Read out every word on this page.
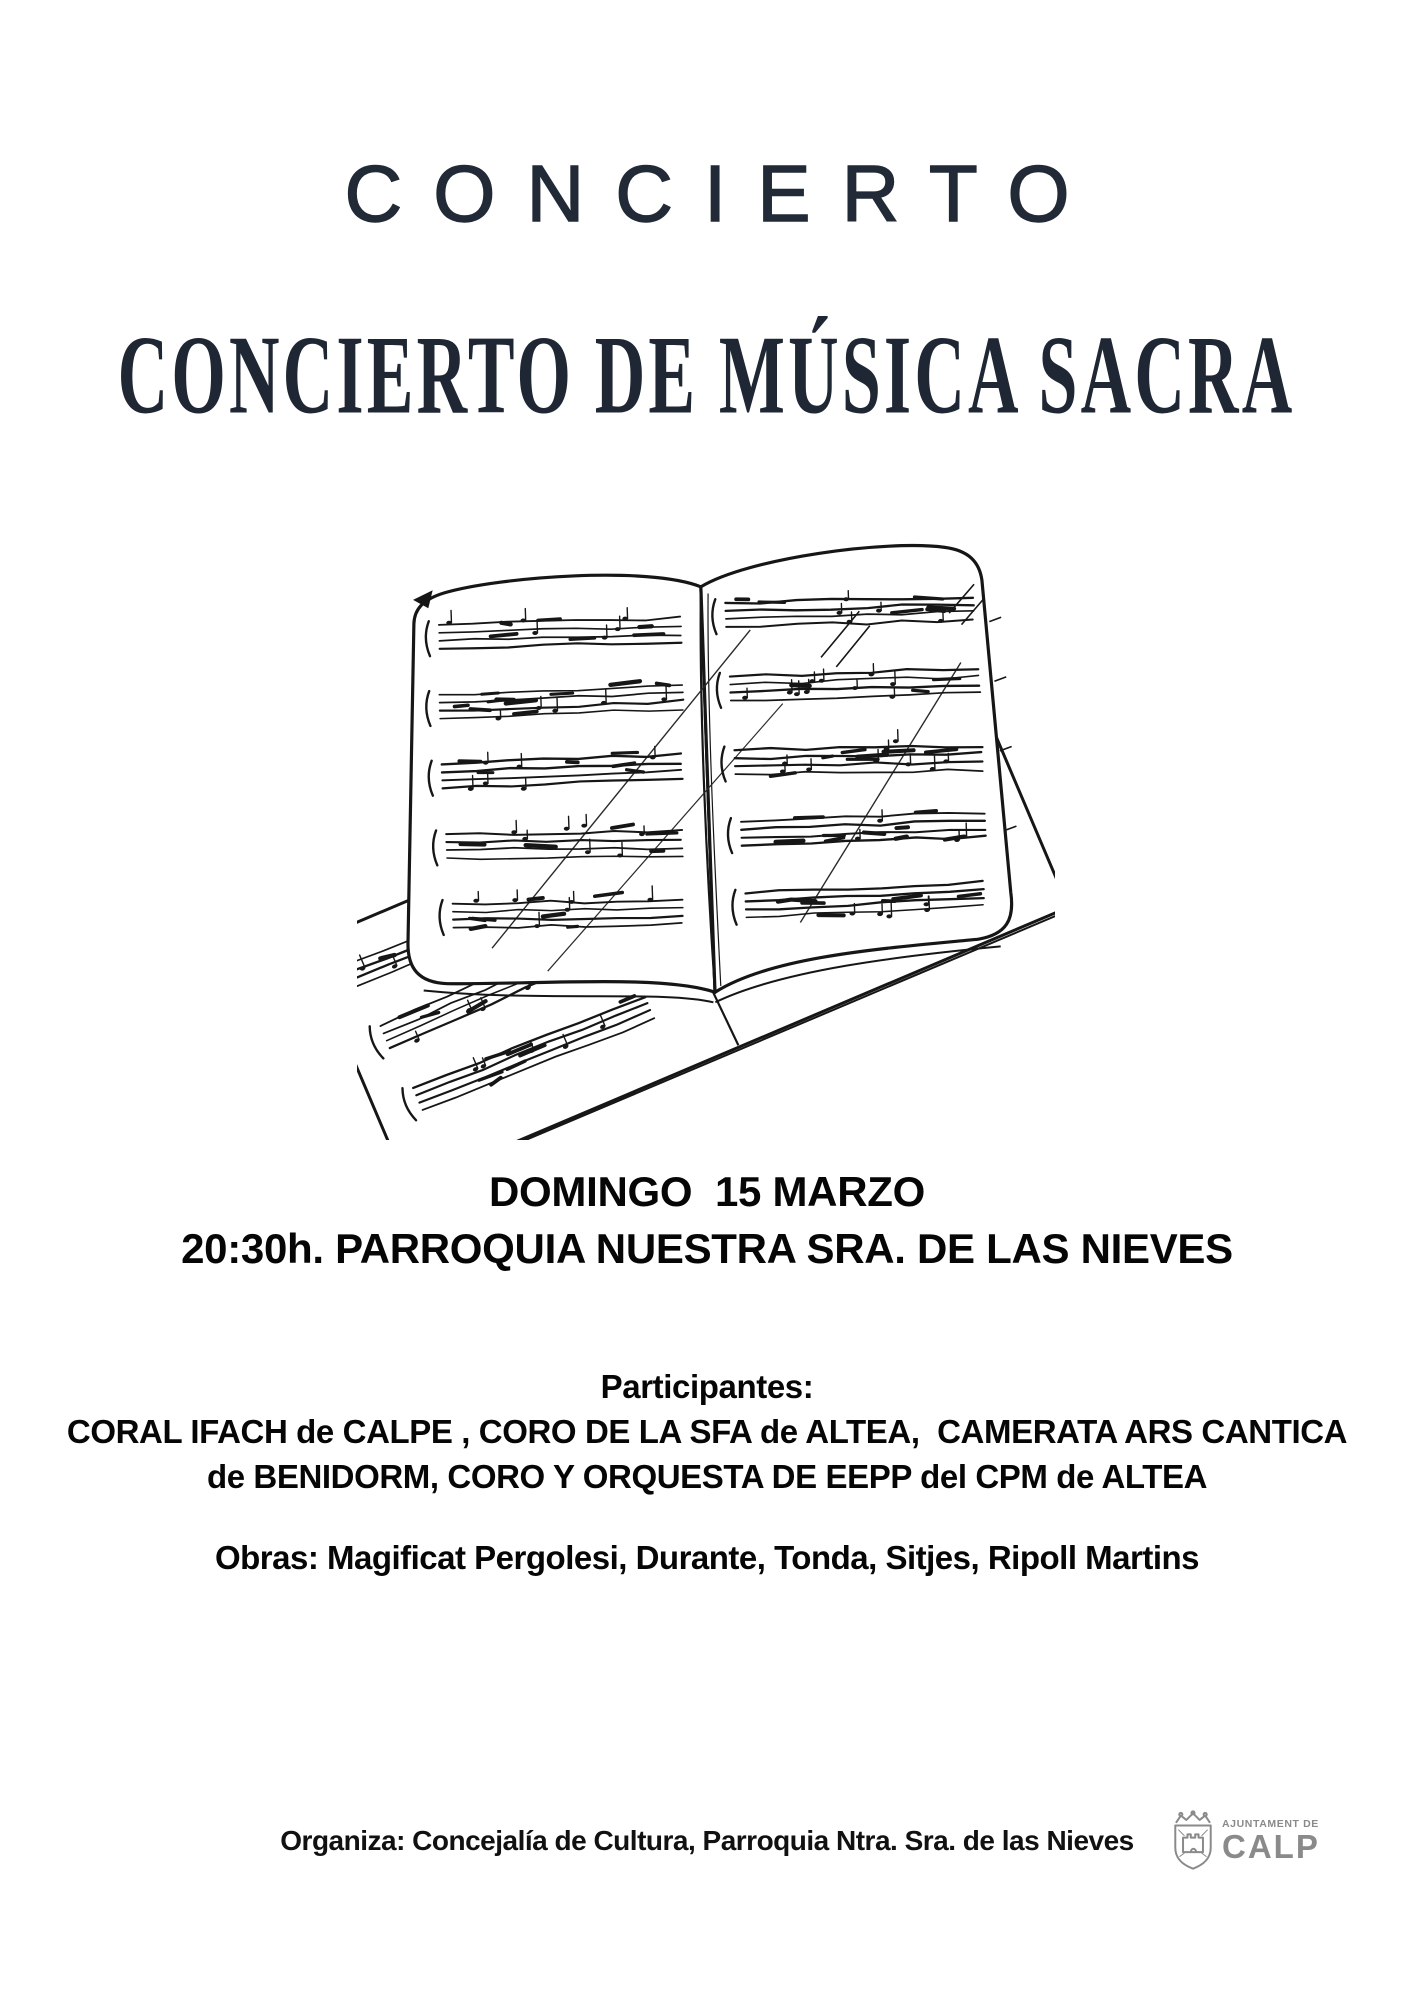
CONCIERTO
CONCIERTO DE MÚSICA SACRA
DOMINGO  15 MARZO
20:30h. PARROQUIA NUESTRA SRA. DE LAS NIEVES
Participantes:
CORAL IFACH de CALPE , CORO DE LA SFA de ALTEA,  CAMERATA ARS CANTICA
de BENIDORM, CORO Y ORQUESTA DE EEPP del CPM de ALTEA
Obras: Magificat Pergolesi, Durante, Tonda, Sitjes, Ripoll Martins
Organiza: Concejalía de Cultura, Parroquia Ntra. Sra. de las Nieves
AJUNTAMENT DE
CALP
